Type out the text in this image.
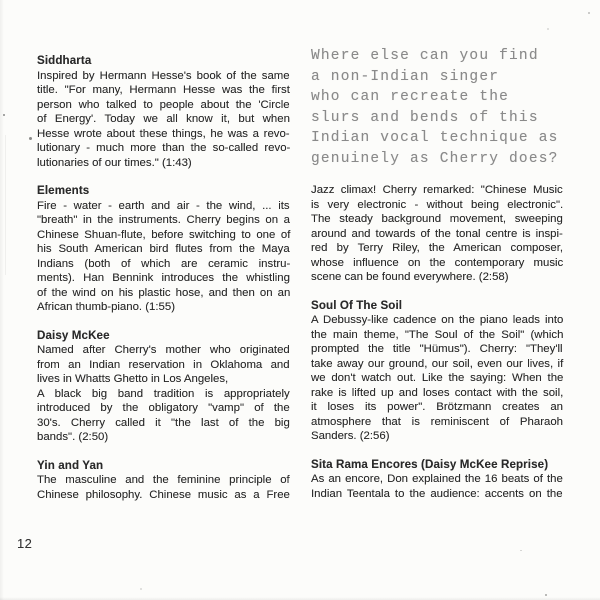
Siddharta
Inspired by Hermann Hesse's book of the same
title. "For many, Hermann Hesse was the first
person who talked to people about the 'Circle
of Energy'. Today we all know it, but when
Hesse wrote about these things, he was a revo-
lutionary - much more than the so-called revo-
lutionaries of our times." (1:43)
Elements
Fire - water - earth and air - the wind, ... its
"breath" in the instruments. Cherry begins on a
Chinese Shuan-flute, before switching to one of
his South American bird flutes from the Maya
Indians (both of which are ceramic instru-
ments). Han Bennink introduces the whistling
of the wind on his plastic hose, and then on an
African thumb-piano. (1:55)
Daisy McKee
Named after Cherry's mother who originated
from an Indian reservation in Oklahoma and
lives in Whatts Ghetto in Los Angeles,
A black big band tradition is appropriately
introduced by the obligatory "vamp" of the
30's. Cherry called it "the last of the big
bands". (2:50)
Yin and Yan
The masculine and the feminine principle of
Chinese philosophy. Chinese music as a Free
Where else can you find
a non-Indian singer
who can recreate the
slurs and bends of this
Indian vocal technique as
genuinely as Cherry does?
Jazz climax! Cherry remarked: "Chinese Music
is very electronic - without being electronic".
The steady background movement, sweeping
around and towards of the tonal centre is inspi-
red by Terry Riley, the American composer,
whose influence on the contemporary music
scene can be found everywhere. (2:58)
Soul Of The Soil
A Debussy-like cadence on the piano leads into
the main theme, "The Soul of the Soil" (which
prompted the title "Hümus"). Cherry: "They'll
take away our ground, our soil, even our lives, if
we don't watch out. Like the saying: When the
rake is lifted up and loses contact with the soil,
it loses its power". Brötzmann creates an
atmosphere that is reminiscent of Pharaoh
Sanders. (2:56)
Sita Rama Encores (Daisy McKee Reprise)
As an encore, Don explained the 16 beats of the
Indian Teentala to the audience: accents on the
12
